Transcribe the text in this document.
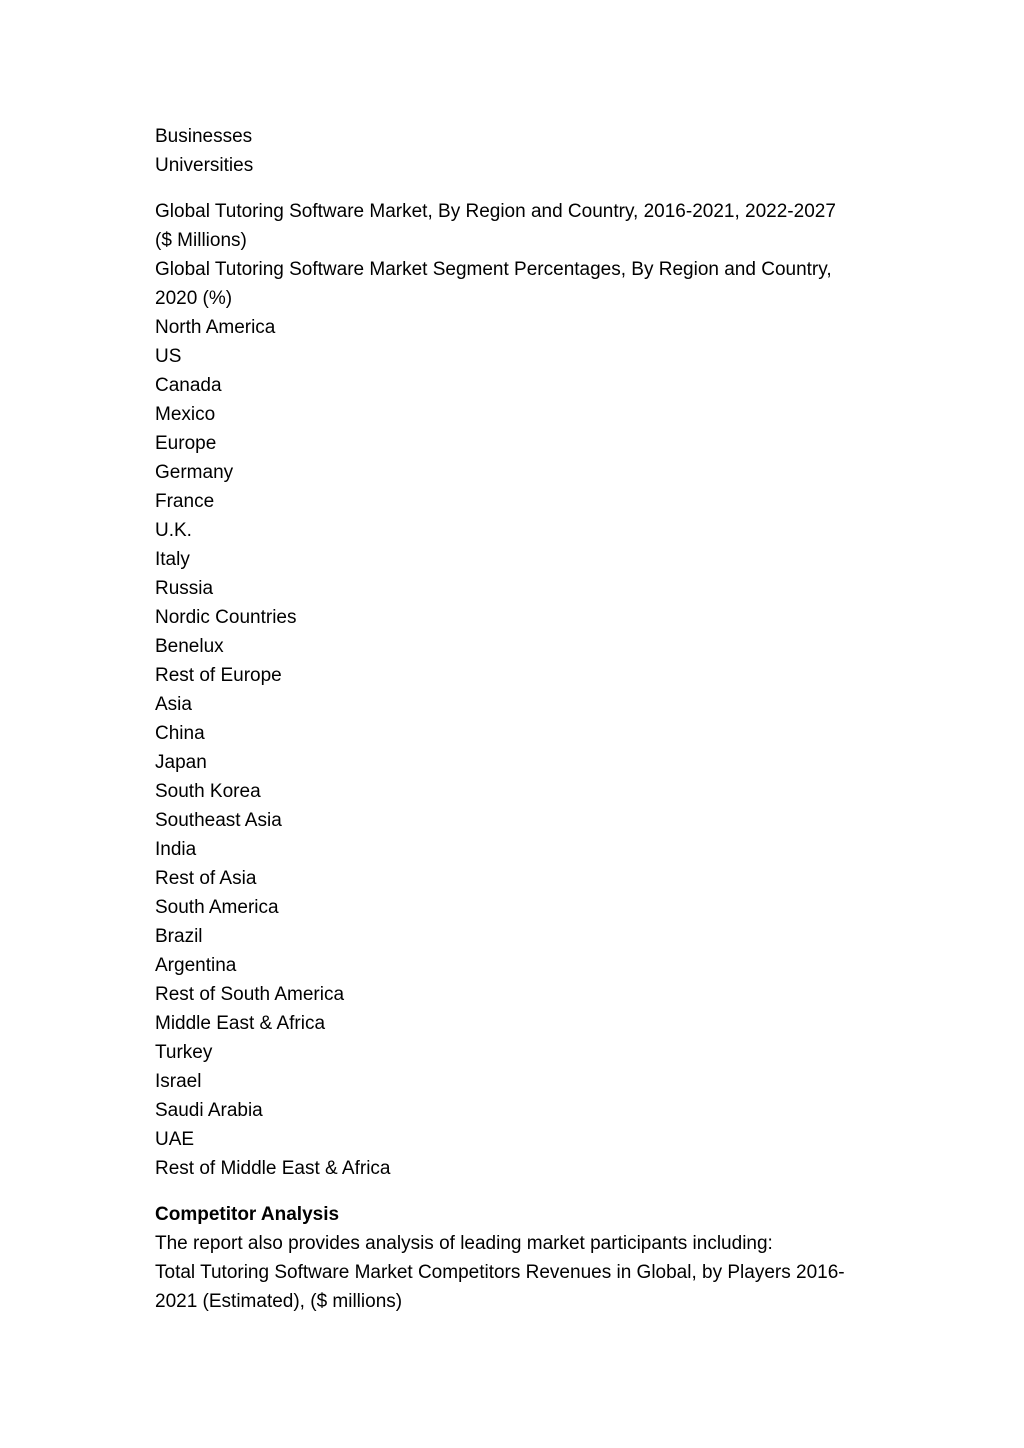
Businesses
Universities
Global Tutoring Software Market, By Region and Country, 2016-2021, 2022-2027 ($ Millions)
Global Tutoring Software Market Segment Percentages, By Region and Country, 2020 (%)
North America
US
Canada
Mexico
Europe
Germany
France
U.K.
Italy
Russia
Nordic Countries
Benelux
Rest of Europe
Asia
China
Japan
South Korea
Southeast Asia
India
Rest of Asia
South America
Brazil
Argentina
Rest of South America
Middle East & Africa
Turkey
Israel
Saudi Arabia
UAE
Rest of Middle East & Africa
Competitor Analysis
The report also provides analysis of leading market participants including:
Total Tutoring Software Market Competitors Revenues in Global, by Players 2016-2021 (Estimated), ($ millions)
